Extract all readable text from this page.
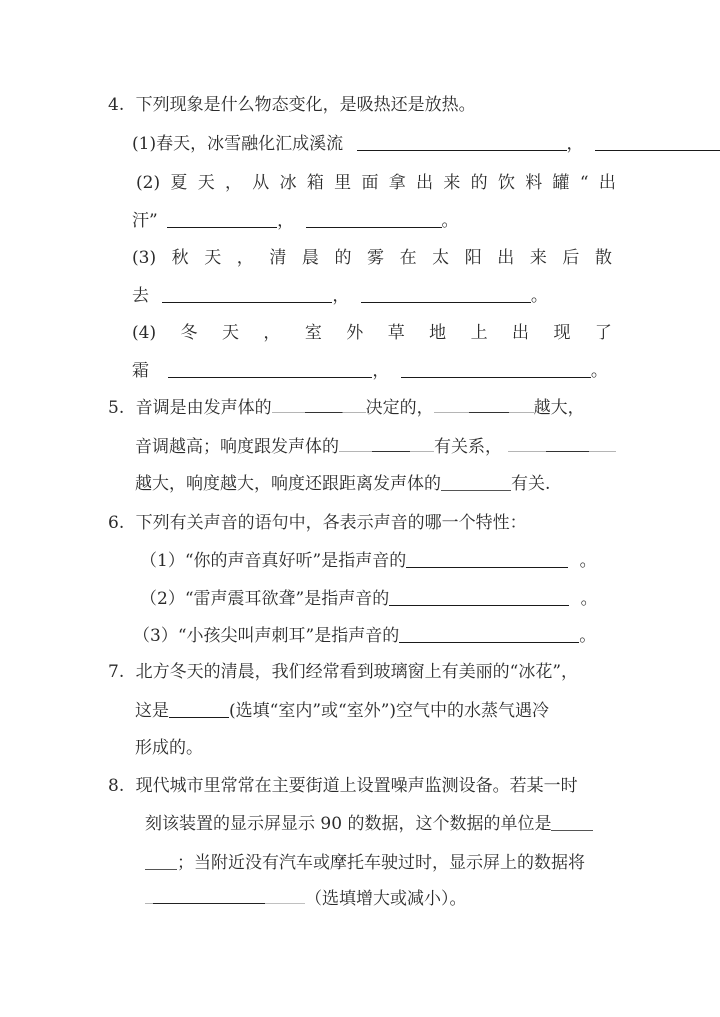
4. 下列现象是什么物态变化，是吸热还是放热。
(1)春天，冰雪融化汇成溪流	，
(2) 夏 天 ， 从 冰 箱 里 面 拿 出 来 的 饮 料 罐 “ 出
汗”	，	。
(3) 秋 天 ， 清 晨 的 雾 在 太 阳 出 来 后 散
去	，	。
(4) 冬 天 ， 室 外 草 地 上 出 现 了
霜	，	。
5. 音调是由发声体的	决定的，	越大，
音调越高；响度跟发声体的	有关系，
越大，响度越大，响度还跟距离发声体的	有关.
6. 下列有关声音的语句中，各表示声音的哪一个特性：
（1）“你的声音真好听”是指声音的	。
（2）“雷声震耳欲聋”是指声音的	。
（3）“小孩尖叫声刺耳”是指声音的	。
7. 北方冬天的清晨，我们经常看到玻璃窗上有美丽的“冰花”，
这是	(选填“室内”或“室外”)空气中的水蒸气遇冷
形成的。
8. 现代城市里常常在主要街道上设置噪声监测设备。若某一时
刻该装置的显示屏显示 90 的数据，这个数据的单位是
；当附近没有汽车或摩托车驶过时，显示屏上的数据将
（选填增大或减小）。
